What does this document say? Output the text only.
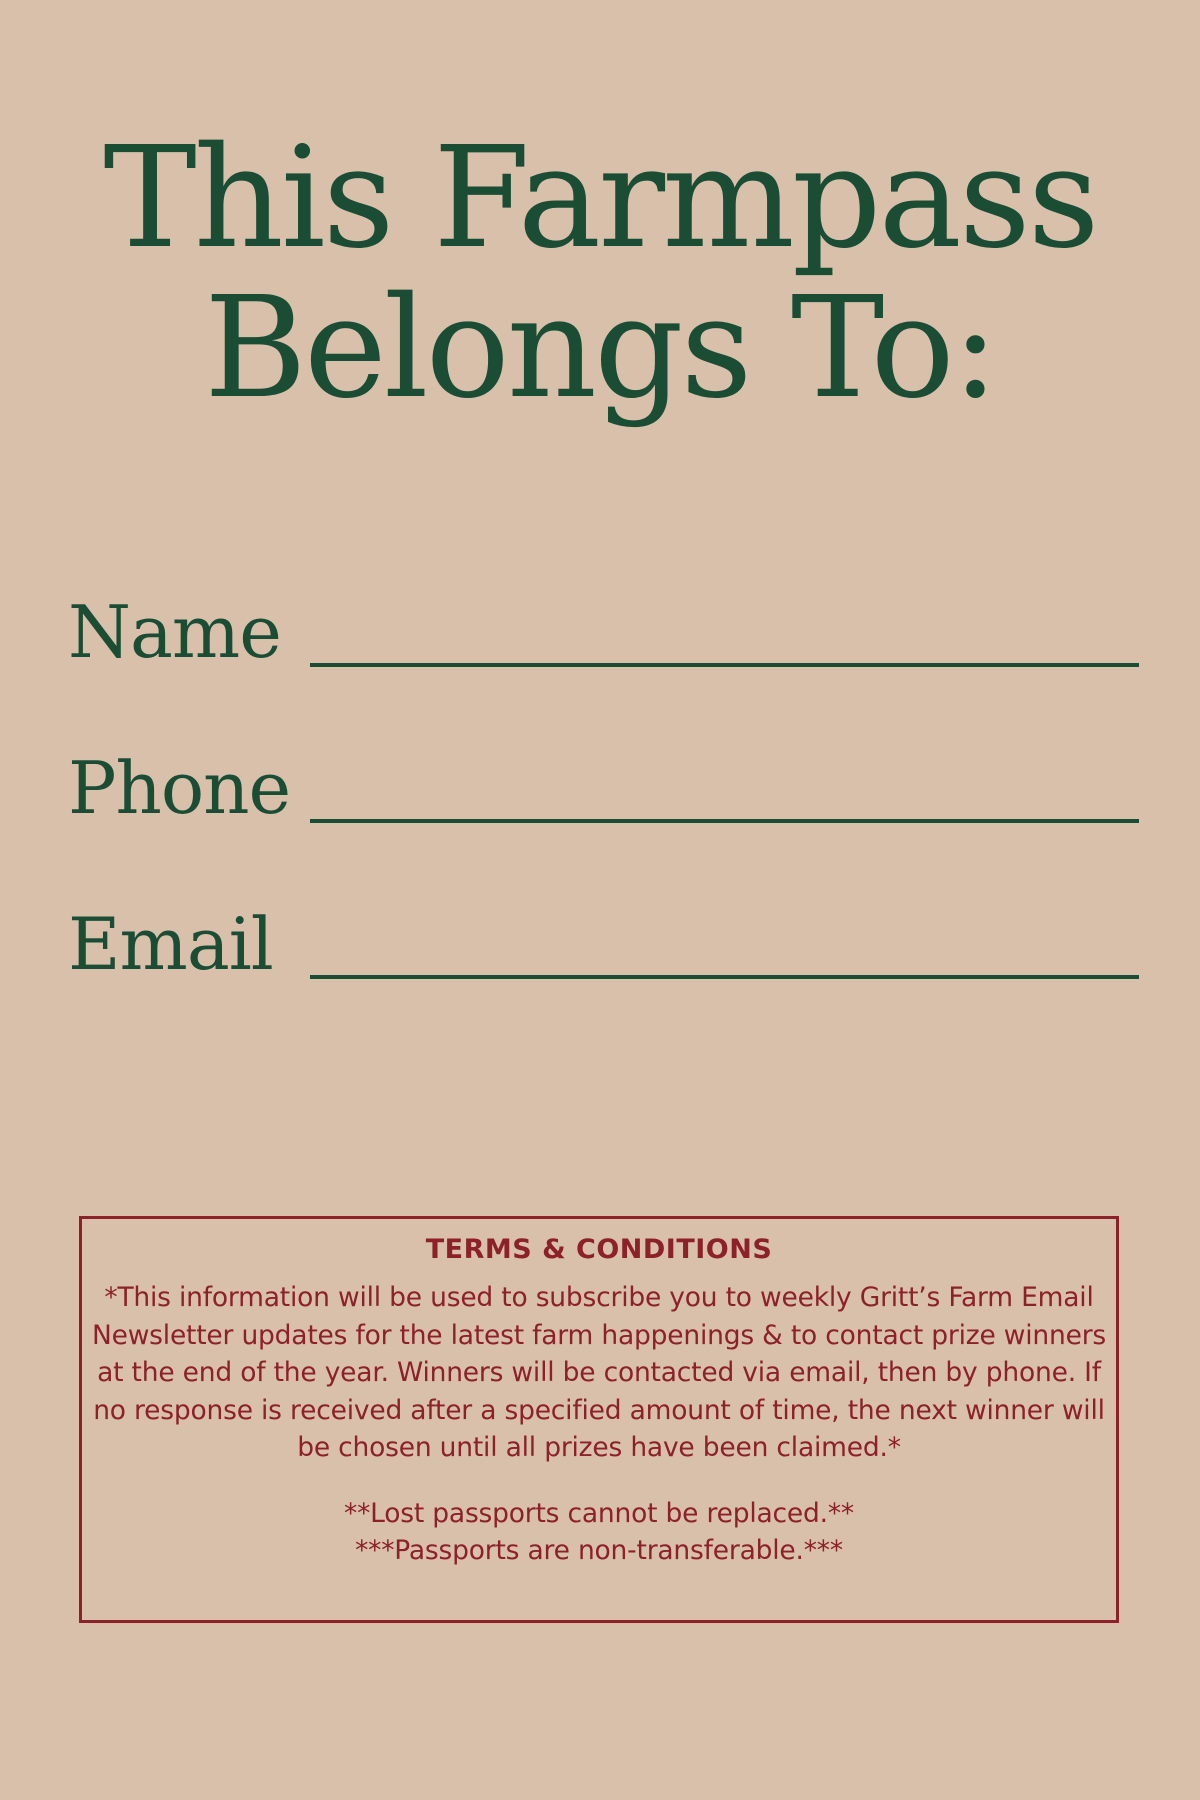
This Farmpass
Belongs To:
Name
Phone
Email

TERMS & CONDITIONS

*This information will be used to subscribe you to weekly Gritt’s Farm Email Newsletter updates for the latest farm happenings & to contact prize winners at the end of the year. Winners will be contacted via email, then by phone. If no response is received after a specified amount of time, the next winner will be chosen until all prizes have been claimed.*

**Lost passports cannot be replaced.**

***Passports are non-transferable.***
